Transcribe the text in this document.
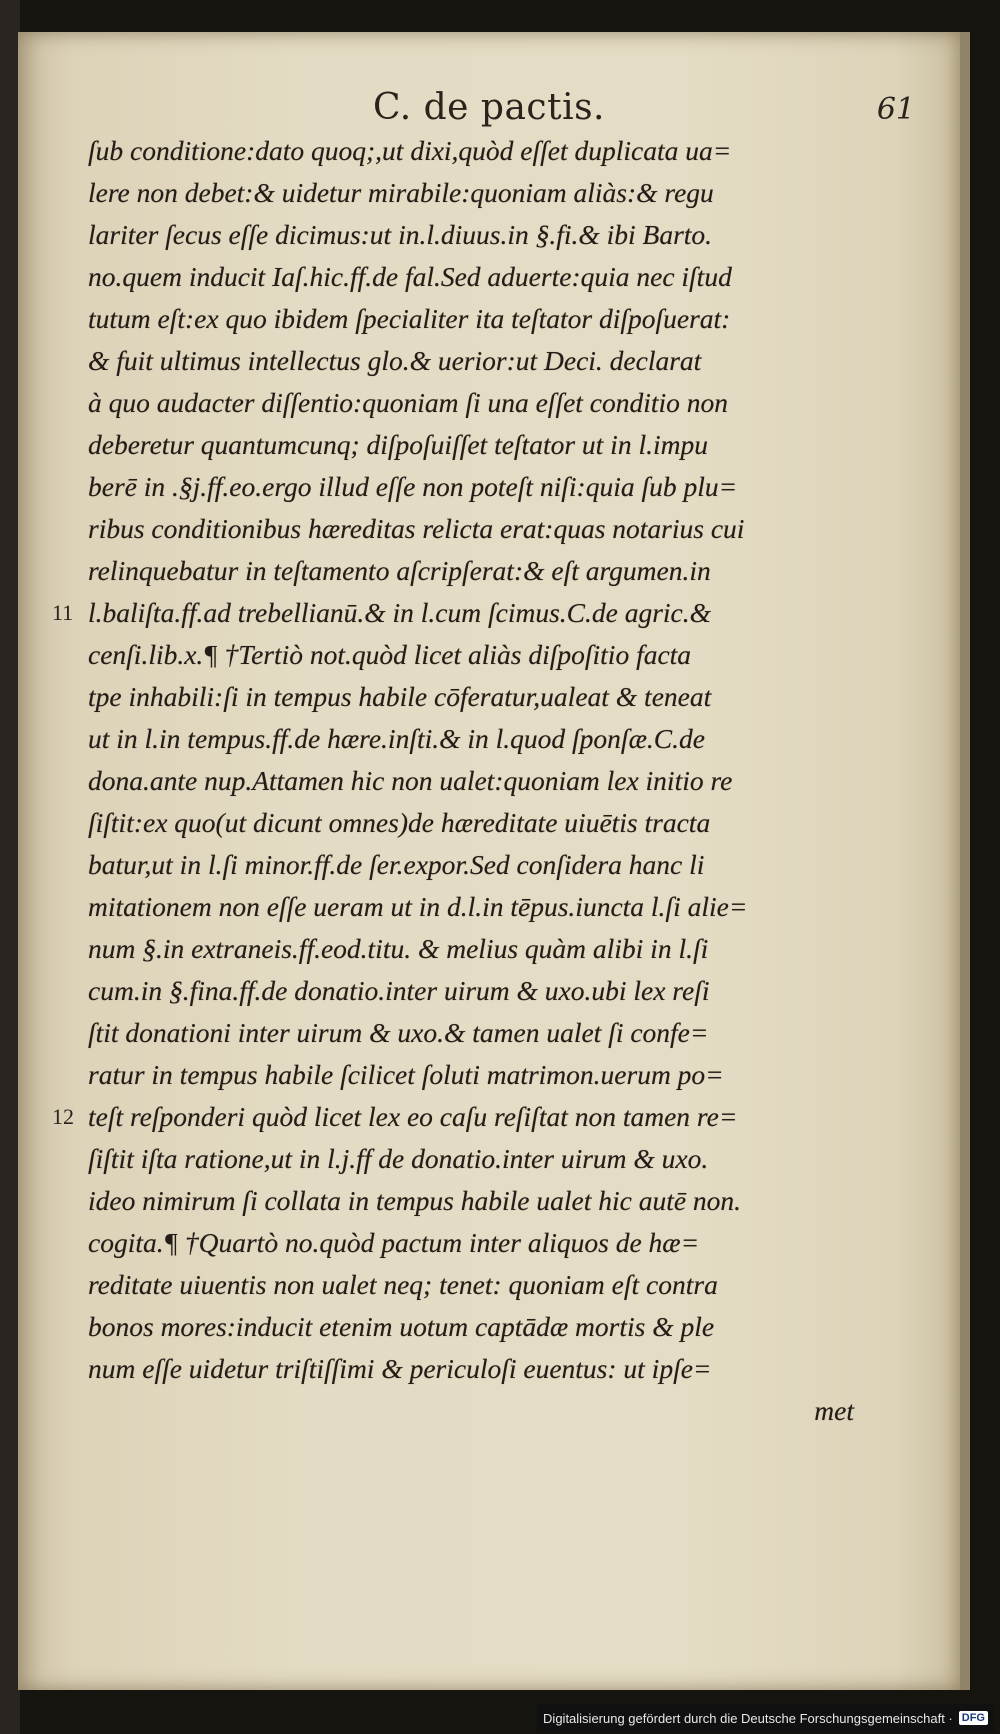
C. de pactis.	61
11
12
ſub conditione:dato quoq;,ut dixi,quòd eſſet duplicata ua=
lere non debet:& uidetur mirabile:quoniam aliàs:& regu
lariter ſecus eſſe dicimus:ut in.l.diuus.in §.fi.& ibi Barto.
no.quem inducit Iaſ.hic.ff.de fal.Sed aduerte:quia nec iſtud
tutum eſt:ex quo ibidem ſpecialiter ita teſtator diſpoſuerat:
& fuit ultimus intellectus glo.& uerior:ut Deci. declarat
à quo audacter diſſentio:quoniam ſi una eſſet conditio non
deberetur quantumcunq; diſpoſuiſſet teſtator ut in l.impu
berē in .§j.ff.eo.ergo illud eſſe non poteſt niſi:quia ſub plu=
ribus conditionibus hæreditas relicta erat:quas notarius cui
relinquebatur in teſtamento aſcripſerat:& eſt argumen.in
l.baliſta.ff.ad trebellianū.& in l.cum ſcimus.C.de agric.&
cenſi.lib.x.¶ †Tertiò not.quòd licet aliàs diſpoſitio facta
tpe inhabili:ſi in tempus habile cōferatur,ualeat & teneat
ut in l.in tempus.ff.de hære.inſti.& in l.quod ſponſæ.C.de
dona.ante nup.Attamen hic non ualet:quoniam lex initio re
ſiſtit:ex quo(ut dicunt omnes)de hæreditate uiuētis tracta
batur,ut in l.ſi minor.ff.de ſer.expor.Sed conſidera hanc li
mitationem non eſſe ueram ut in d.l.in tēpus.iuncta l.ſi alie=
num §.in extraneis.ff.eod.titu. & melius quàm alibi in l.ſi
cum.in §.fina.ff.de donatio.inter uirum & uxo.ubi lex reſi
ſtit donationi inter uirum & uxo.& tamen ualet ſi confe=
ratur in tempus habile ſcilicet ſoluti matrimon.uerum po=
teſt reſponderi quòd licet lex eo caſu reſiſtat non tamen re=
ſiſtit iſta ratione,ut in l.j.ff de donatio.inter uirum & uxo.
ideo nimirum ſi collata in tempus habile ualet hic autē non.
cogita.¶ †Quartò no.quòd pactum inter aliquos de hæ=
reditate uiuentis non ualet neq; tenet: quoniam eſt contra
bonos mores:inducit etenim uotum captādæ mortis & ple
num eſſe uidetur triſtiſſimi & periculoſi euentus: ut ipſe=
met
Digitalisierung gefördert durch die Deutsche Forschungsgemeinschaft · DFG
